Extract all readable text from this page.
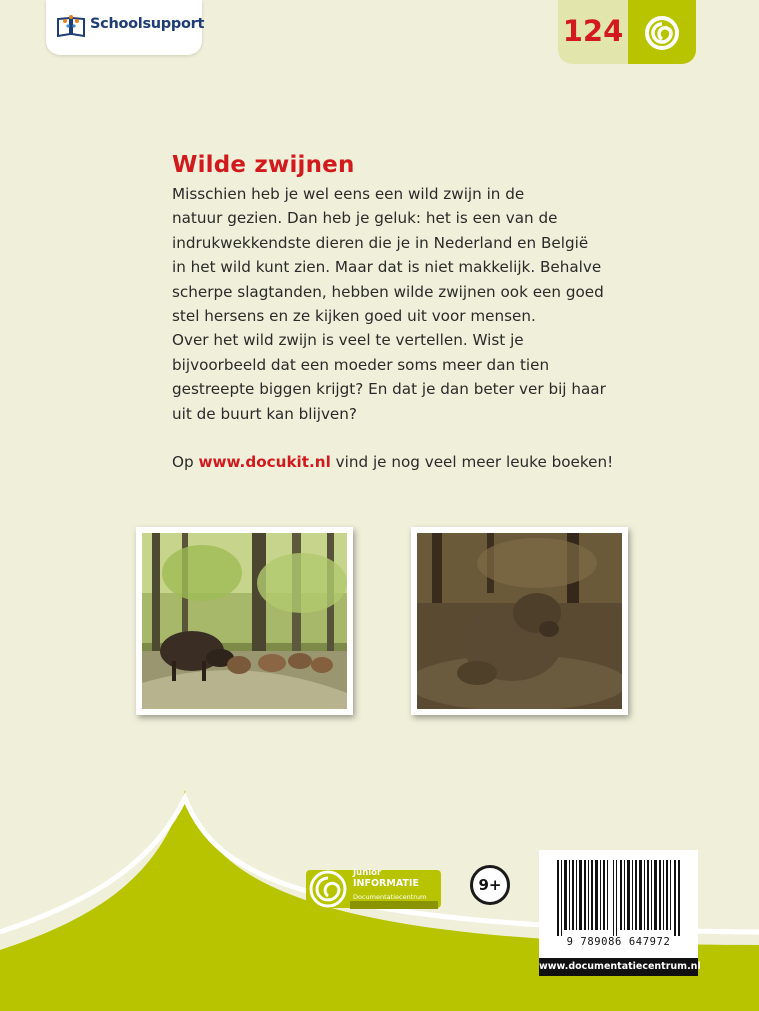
Schoolsupport	124
Wilde zwijnen

Misschien heb je wel eens een wild zwijn in de
natuur gezien. Dan heb je geluk: het is een van de
indrukwekkendste dieren die je in Nederland en België
in het wild kunt zien. Maar dat is niet makkelijk. Behalve
scherpe slagtanden, hebben wilde zwijnen ook een goed
stel hersens en ze kijken goed uit voor mensen.
Over het wild zwijn is veel te vertellen. Wist je
bijvoorbeeld dat een moeder soms meer dan tien
gestreepte biggen krijgt? En dat je dan beter ver bij haar
uit de buurt kan blijven?

Op www.docukit.nl vind je nog veel meer leuke boeken!
Junior
INFORMATIE
Documentatiecentrum
9+
9 789086 647972
www.documentatiecentrum.nl
